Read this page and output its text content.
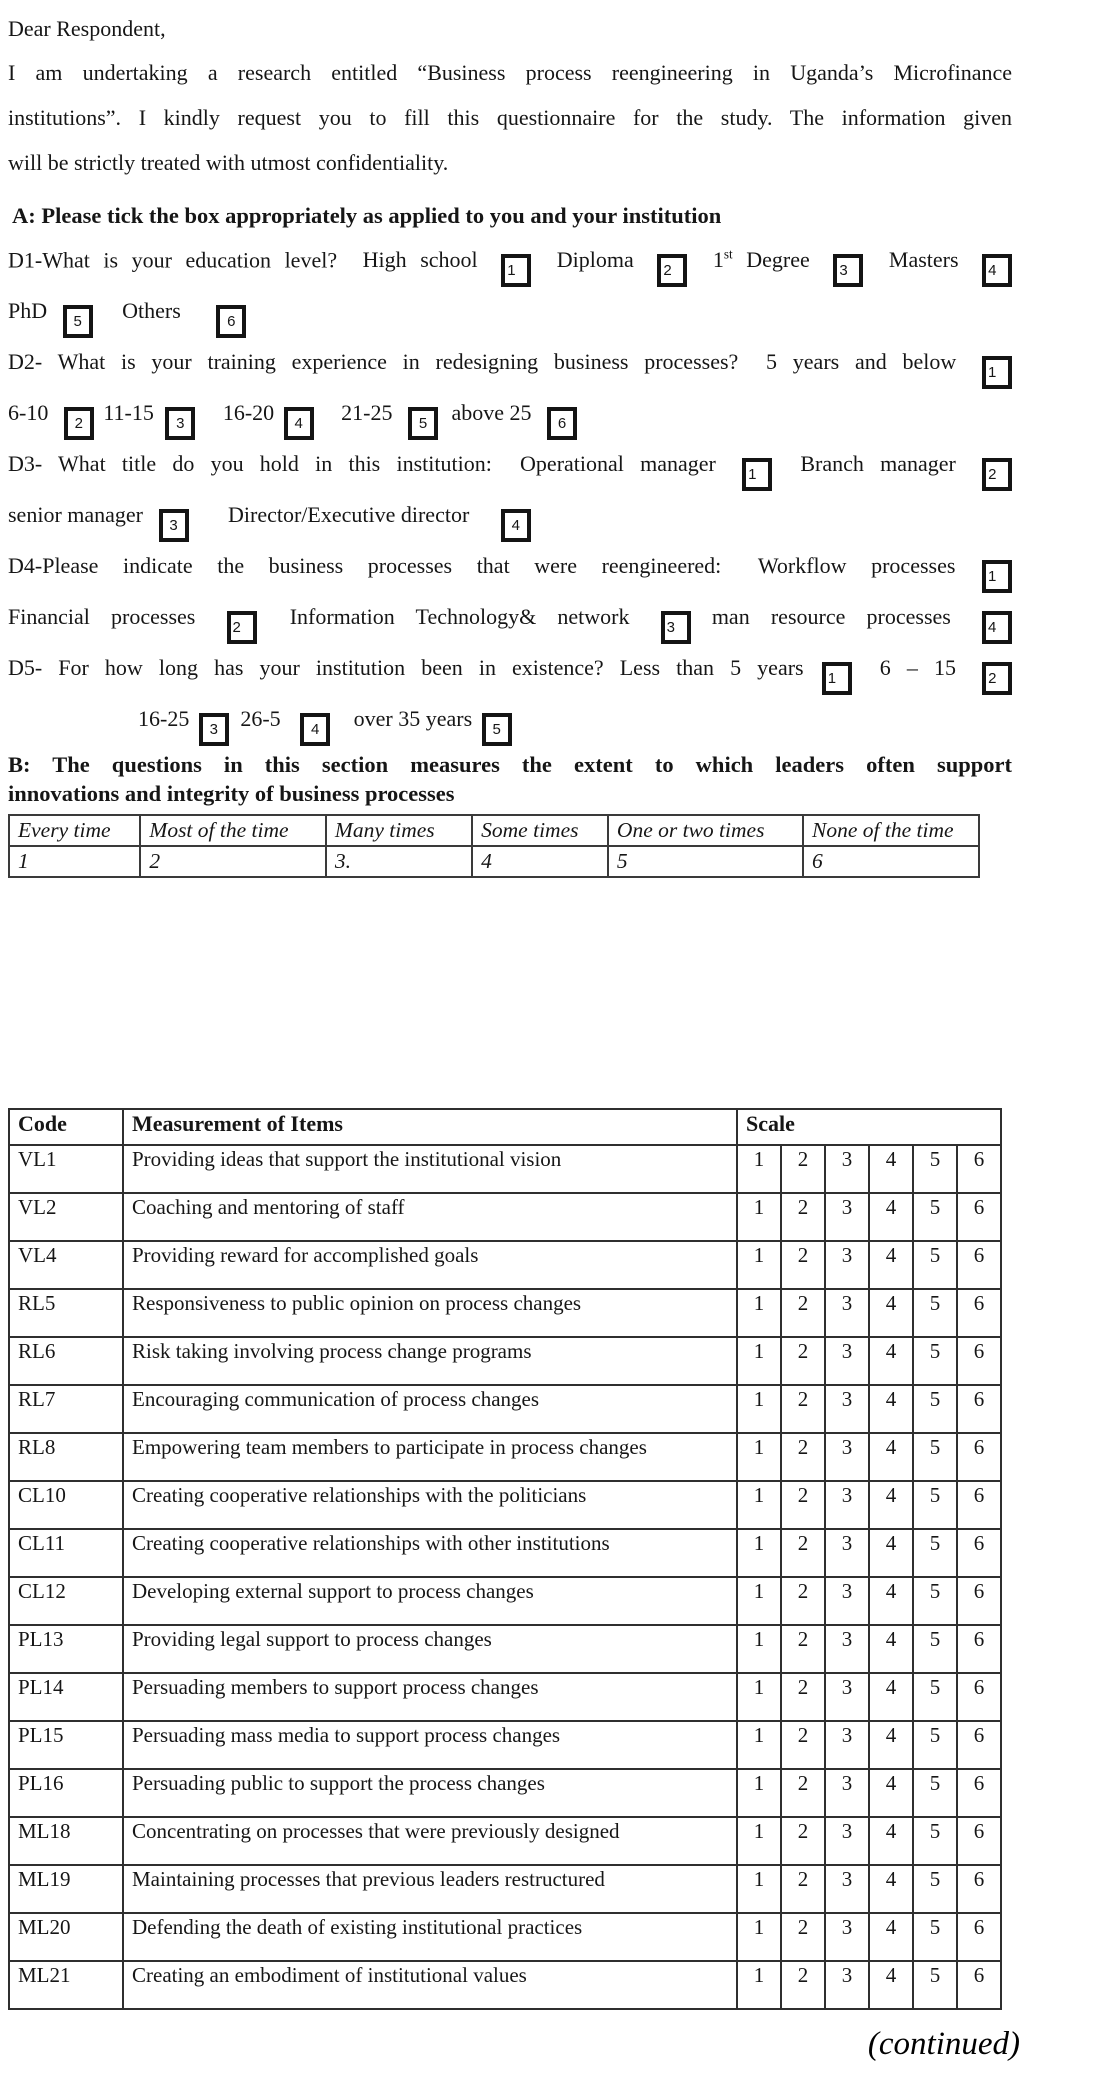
Dear Respondent,
I am undertaking a research entitled “Business process reengineering in Uganda’s Microfinance
institutions”. I kindly request you to fill this questionnaire for the study. The information given
will be strictly treated with utmost confidentiality.
A: Please tick the box appropriately as applied to you and your institution
D1-What is your education level? High school 1 Diploma 2 1st Degree 3 Masters 4
PhD 5 Others	6
D2- What is your training experience in redesigning business processes? 5 years and below 1
6-10 2 11-15 3 16-20 4 21-25 5 above 25 6
D3- What title do you hold in this institution: Operational manager 1 Branch manager 2
senior manager 3 Director/Executive director	4
D4-Please indicate the business processes that were reengineered: Workflow processes 1
Financial processes 2 Information Technology& network 3 man resource processes 4
D5- For how long has your institution been in existence? Less than 5 years 1 6 – 15 2
16-25 3 26-5 4 over 35 years 5
B: The questions in this section measures the extent to which leaders often support
innovations and integrity of business processes
Every time	Most of the time	Many times	Some times	One or two times	None of the time
1	2	3.	4	5	6
Code	Measurement of Items	Scale					
VL1	Providing ideas that support the institutional vision	1	2	3	4	5	6
VL2	Coaching and mentoring of staff	1	2	3	4	5	6
VL4	Providing reward for accomplished goals	1	2	3	4	5	6
RL5	Responsiveness to public opinion on process changes	1	2	3	4	5	6
RL6	Risk taking involving process change programs	1	2	3	4	5	6
RL7	Encouraging communication of process changes	1	2	3	4	5	6
RL8	Empowering team members to participate in process changes	1	2	3	4	5	6
CL10	Creating cooperative relationships with the politicians	1	2	3	4	5	6
CL11	Creating cooperative relationships with other institutions	1	2	3	4	5	6
CL12	Developing external support to process changes	1	2	3	4	5	6
PL13	Providing legal support to process changes	1	2	3	4	5	6
PL14	Persuading members to support process changes	1	2	3	4	5	6
PL15	Persuading mass media to support process changes	1	2	3	4	5	6
PL16	Persuading public to support the process changes	1	2	3	4	5	6
ML18	Concentrating on processes that were previously designed	1	2	3	4	5	6
ML19	Maintaining processes that previous leaders restructured	1	2	3	4	5	6
ML20	Defending the death of existing institutional practices	1	2	3	4	5	6
ML21	Creating an embodiment of institutional values	1	2	3	4	5	6
(continued)
